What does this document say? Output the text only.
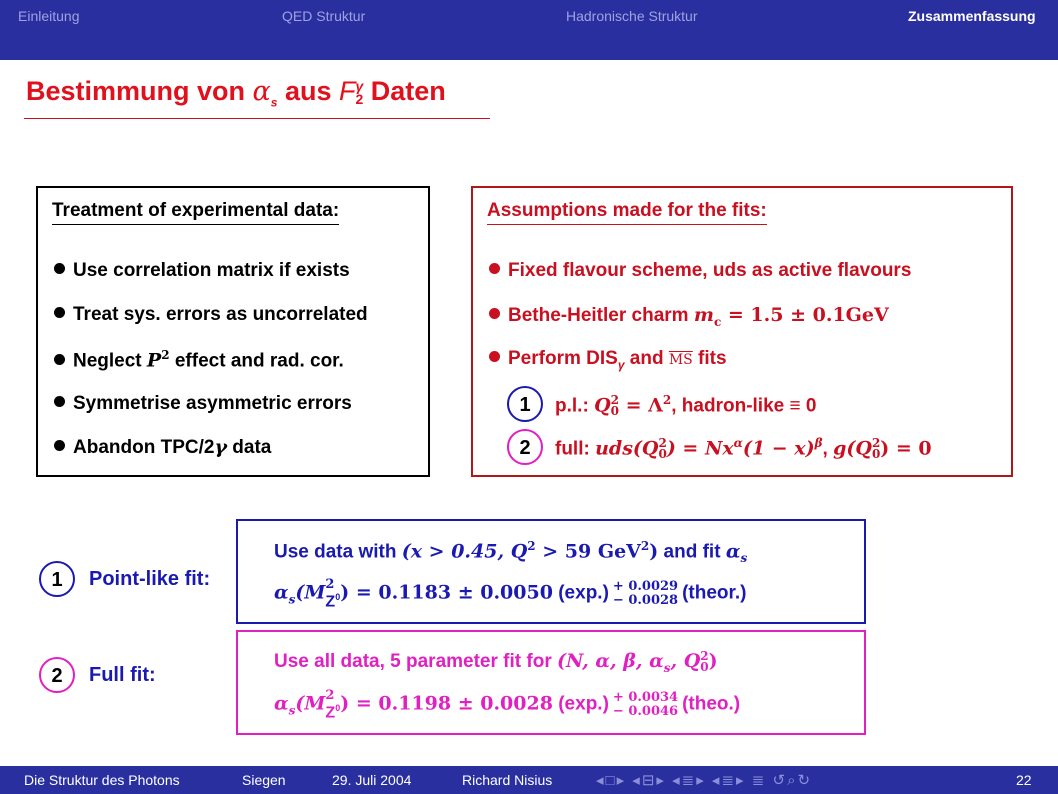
Einleitung	QED Struktur	Hadronische Struktur	Zusammenfassung
Bestimmung von $\alpha_s$ aus F γ
2 Daten
Treatment of experimental data:
Use correlation matrix if exists
Treat sys. errors as uncorrelated
Neglect $P^2$ effect and rad. cor.
Symmetrise asymmetric errors
Abandon TPC/2γ data
Assumptions made for the fits:
Fixed flavour scheme, uds as active flavours
Bethe-Heitler charm $m_c = 1.5 \pm 0.1GeV$
Perform $DIS_\gamma$ and $\overline{MS}$ fits
1	p.l.: Q 2
$0 = \Lambda^2$, hadron-like ≡ 0
2	full: uds(Q 2
0 ) = $Nx^\alpha(1 - x)^\beta$, g(Q 2
0 ) = 0
1	Point-like fit:
2	Full fit:
Use data with (x > 0.45, $Q^2 > 59$ GeV$^2$) and fit $\alpha_s$
$\alpha_s(M$ 2
$Z^0$ ) = 0.1183 ± 0.0050 (exp.) + 0.0029
− 0.0028 (theor.)
Use all data, 5 parameter fit for (N, α, β, $\alpha_s$, Q 2
0 )
$\alpha_s(M$ 2
$Z^0$ ) = 0.1198 ± 0.0028 (exp.) + 0.0034
− 0.0046 (theo.)
Die Struktur des Photons	Siegen	29. Juli 2004	Richard Nisius	◂□▸ ◂⊟▸ ◂≣▸ ◂≣▸ ≣ ↺⌕↻	22
